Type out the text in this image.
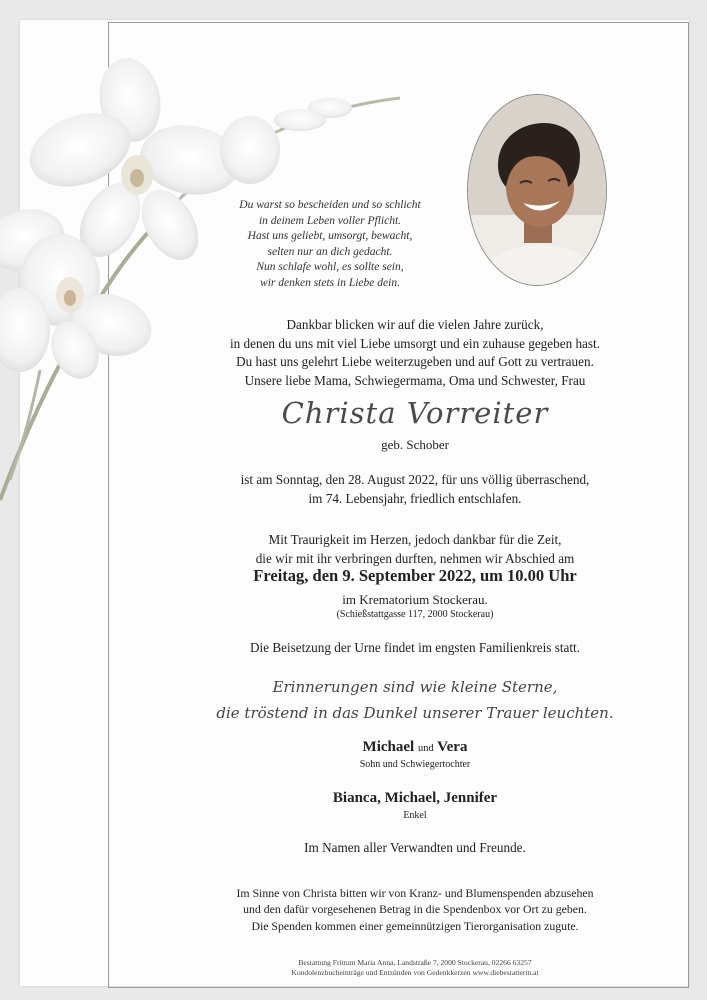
Du warst so bescheiden und so schlicht
in deinem Leben voller Pflicht.
Hast uns geliebt, umsorgt, bewacht,
selten nur an dich gedacht.
Nun schlafe wohl, es sollte sein,
wir denken stets in Liebe dein.
Dankbar blicken wir auf die vielen Jahre zurück,
in denen du uns mit viel Liebe umsorgt und ein zuhause gegeben hast.
Du hast uns gelehrt Liebe weiterzugeben und auf Gott zu vertrauen.
Unsere liebe Mama, Schwiegermama, Oma und Schwester, Frau
Christa Vorreiter
geb. Schober
ist am Sonntag, den 28. August 2022, für uns völlig überraschend,
im 74. Lebensjahr, friedlich entschlafen.
Mit Traurigkeit im Herzen, jedoch dankbar für die Zeit,
die wir mit ihr verbringen durften, nehmen wir Abschied am
Freitag, den 9. September 2022, um 10.00 Uhr
im Krematorium Stockerau.
(Schießstattgasse 117, 2000 Stockerau)
Die Beisetzung der Urne findet im engsten Familienkreis statt.
Erinnerungen sind wie kleine Sterne,
die tröstend in das Dunkel unserer Trauer leuchten.
Michael und Vera
Sohn und Schwiegertochter
Bianca, Michael, Jennifer
Enkel
Im Namen aller Verwandten und Freunde.
Im Sinne von Christa bitten wir von Kranz- und Blumenspenden abzusehen
und den dafür vorgesehenen Betrag in die Spendenbox vor Ort zu geben.
Die Spenden kommen einer gemeinnützigen Tierorganisation zugute.
Bestattung Frittum Maria Anna, Landstraße 7, 2000 Stockerau, 02266 63257
Kondolenzbucheinträge und Entzünden von Gedenkkerzen www.diebestatterin.at
